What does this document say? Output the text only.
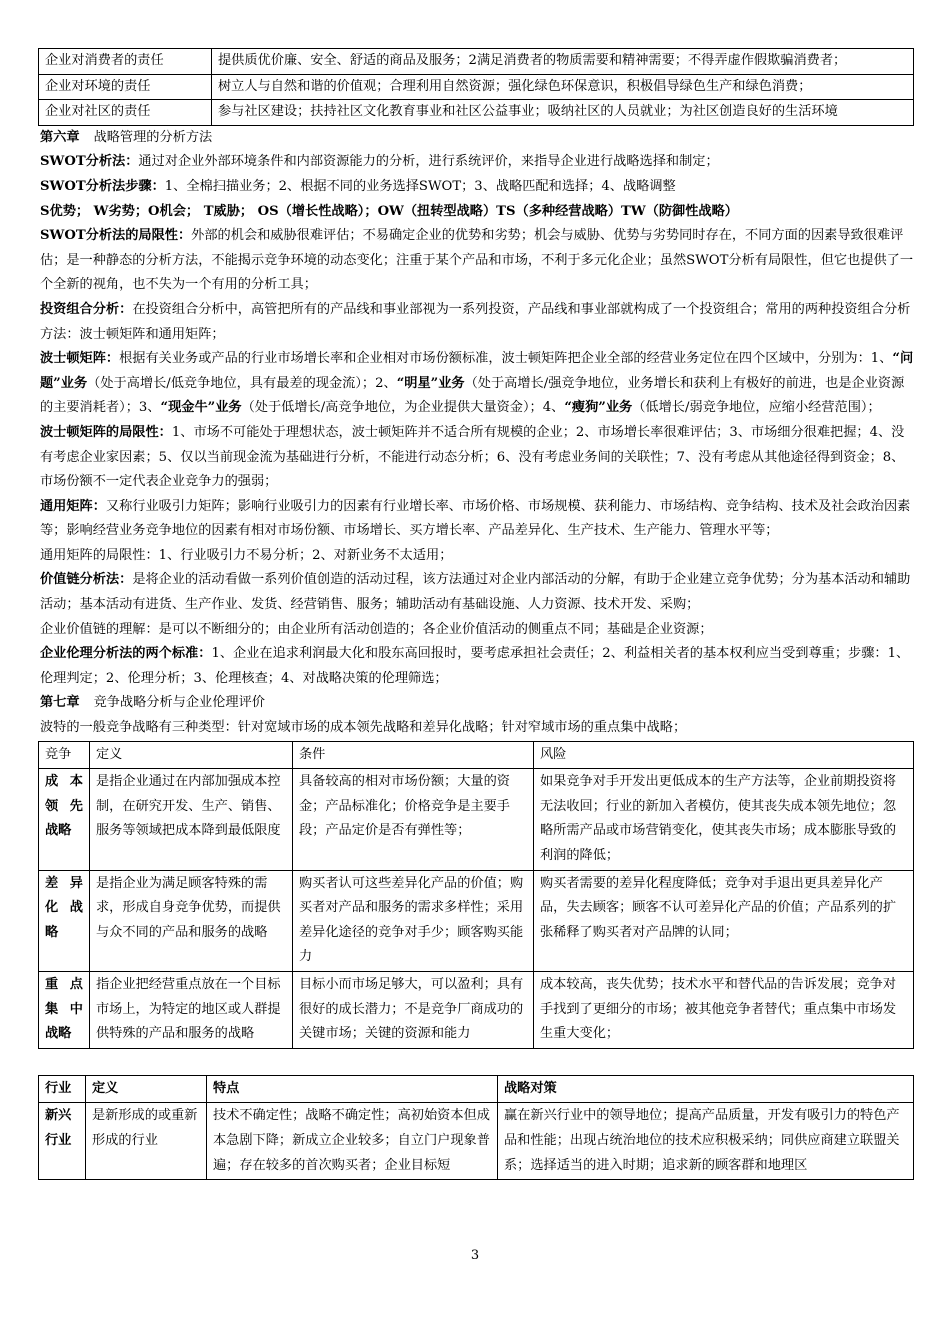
企业对消费者的责任	提供质优价廉、安全、舒适的商品及服务；2满足消费者的物质需要和精神需要；不得弄虚作假欺骗消费者；
企业对环境的责任	树立人与自然和谐的价值观；合理利用自然资源；强化绿色环保意识，积极倡导绿色生产和绿色消费；
企业对社区的责任	参与社区建设；扶持社区文化教育事业和社区公益事业；吸纳社区的人员就业；为社区创造良好的生活环境

第六章 战略管理的分析方法

SWOT分析法：通过对企业外部环境条件和内部资源能力的分析，进行系统评价，来指导企业进行战略选择和制定；

SWOT分析法步骤：1、全棉扫描业务；2、根据不同的业务选择SWOT；3、战略匹配和选择；4、战略调整

S优势； W劣势；O机会； T威胁； OS（增长性战略）；OW（扭转型战略）TS（多种经营战略）TW（防御性战略）

SWOT分析法的局限性：外部的机会和威胁很难评估；不易确定企业的优势和劣势；机会与威胁、优势与劣势同时存在，不同方面的因素导致很难评估；是一种静态的分析方法，不能揭示竞争环境的动态变化；注重于某个产品和市场，不利于多元化企业；虽然SWOT分析有局限性，但它也提供了一个全新的视角，也不失为一个有用的分析工具；

投资组合分析：在投资组合分析中，高管把所有的产品线和事业部视为一系列投资，产品线和事业部就构成了一个投资组合；常用的两种投资组合分析方法：波士顿矩阵和通用矩阵；

波士顿矩阵：根据有关业务或产品的行业市场增长率和企业相对市场份额标准，波士顿矩阵把企业全部的经营业务定位在四个区域中，分别为：1、“问题”业务（处于高增长/低竞争地位，具有最差的现金流）；2、“明星”业务（处于高增长/强竞争地位，业务增长和获利上有极好的前进，也是企业资源的主要消耗者）；3、“现金牛”业务（处于低增长/高竞争地位，为企业提供大量资金）；4、“瘦狗”业务（低增长/弱竞争地位，应缩小经营范围）；

波士顿矩阵的局限性：1、市场不可能处于理想状态，波士顿矩阵并不适合所有规模的企业；2、市场增长率很难评估；3、市场细分很难把握；4、没有考虑企业家因素；5、仅以当前现金流为基础进行分析，不能进行动态分析；6、没有考虑业务间的关联性；7、没有考虑从其他途径得到资金；8、市场份额不一定代表企业竞争力的强弱；

通用矩阵：又称行业吸引力矩阵；影响行业吸引力的因素有行业增长率、市场价格、市场规模、获利能力、市场结构、竞争结构、技术及社会政治因素等；影响经营业务竞争地位的因素有相对市场份额、市场增长、买方增长率、产品差异化、生产技术、生产能力、管理水平等；

通用矩阵的局限性：1、行业吸引力不易分析；2、对新业务不太适用；

价值链分析法：是将企业的活动看做一系列价值创造的活动过程，该方法通过对企业内部活动的分解，有助于企业建立竞争优势；分为基本活动和辅助活动；基本活动有进货、生产作业、发货、经营销售、服务；辅助活动有基础设施、人力资源、技术开发、采购；

企业价值链的理解：是可以不断细分的；由企业所有活动创造的；各企业价值活动的侧重点不同；基础是企业资源；

企业伦理分析法的两个标准：1、企业在追求利润最大化和股东高回报时，要考虑承担社会责任；2、利益相关者的基本权利应当受到尊重；步骤：1、伦理判定；2、伦理分析；3、伦理核查；4、对战略决策的伦理筛选；

第七章 竞争战略分析与企业伦理评价

波特的一般竞争战略有三种类型：针对宽域市场的成本领先战略和差异化战略；针对窄域市场的重点集中战略；

竞争	定义	条件	风险
成本领先战略	是指企业通过在内部加强成本控制，在研究开发、生产、销售、服务等领域把成本降到最低限度	具备较高的相对市场份额；大量的资金；产品标准化；价格竞争是主要手段；产品定价是否有弹性等；	如果竞争对手开发出更低成本的生产方法等，企业前期投资将无法收回；行业的新加入者模仿，使其丧失成本领先地位；忽略所需产品或市场营销变化，使其丧失市场；成本膨胀导致的利润的降低；
差异化战略	是指企业为满足顾客特殊的需求，形成自身竞争优势，而提供与众不同的产品和服务的战略	购买者认可这些差异化产品的价值；购买者对产品和服务的需求多样性；采用差异化途径的竞争对手少；顾客购买能力	购买者需要的差异化程度降低；竞争对手退出更具差异化产品，失去顾客；顾客不认可差异化产品的价值；产品系列的扩张稀释了购买者对产品牌的认同；
重点集中战略	指企业把经营重点放在一个目标市场上，为特定的地区或人群提供特殊的产品和服务的战略	目标小而市场足够大，可以盈利；具有很好的成长潜力；不是竞争厂商成功的关键市场；关键的资源和能力	成本较高，丧失优势；技术水平和替代品的告诉发展；竞争对手找到了更细分的市场；被其他竞争者替代；重点集中市场发生重大变化；
行业	定义	特点	战略对策
新兴行业	是新形成的或重新形成的行业	技术不确定性；战略不确定性；高初始资本但成本急剧下降；新成立企业较多；自立门户现象普遍；存在较多的首次购买者；企业目标短	赢在新兴行业中的领导地位；提高产品质量，开发有吸引力的特色产品和性能；出现占统治地位的技术应积极采纳；同供应商建立联盟关系；选择适当的进入时期；追求新的顾客群和地理区
3
